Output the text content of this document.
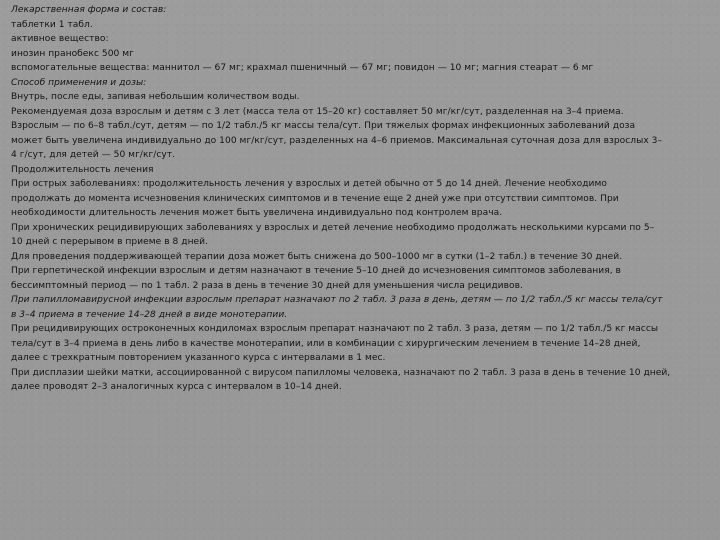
Лекарственная форма и состав:
таблетки 1 табл.
активное вещество:
инозин пранобекс 500 мг
вспомогательные вещества: маннитол — 67 мг; крахмал пшеничный — 67 мг; повидон — 10 мг; магния стеарат — 6 мг
Способ применения и дозы:
Внутрь, после еды, запивая небольшим количеством воды.
Рекомендуемая доза взрослым и детям с 3 лет (масса тела от 15–20 кг) составляет 50 мг/кг/сут, разделенная на 3–4 приема.
Взрослым — по 6–8 табл./сут, детям — по 1/2 табл./5 кг массы тела/сут. При тяжелых формах инфекционных заболеваний доза
может быть увеличена индивидуально до 100 мг/кг/сут, разделенных на 4–6 приемов. Максимальная суточная доза для взрослых 3–
4 г/сут, для детей — 50 мг/кг/сут.
Продолжительность лечения
При острых заболеваниях: продолжительность лечения у взрослых и детей обычно от 5 до 14 дней. Лечение необходимо
продолжать до момента исчезновения клинических симптомов и в течение еще 2 дней уже при отсутствии симптомов. При
необходимости длительность лечения может быть увеличена индивидуально под контролем врача.
При хронических рецидивирующих заболеваниях у взрослых и детей лечение необходимо продолжать несколькими курсами по 5–
10 дней с перерывом в приеме в 8 дней.
Для проведения поддерживающей терапии доза может быть снижена до 500–1000 мг в сутки (1–2 табл.) в течение 30 дней.
При герпетической инфекции взрослым и детям назначают в течение 5–10 дней до исчезновения симптомов заболевания, в
бессимптомный период — по 1 табл. 2 раза в день в течение 30 дней для уменьшения числа рецидивов.
При папилломавирусной инфекции взрослым препарат назначают по 2 табл. 3 раза в день, детям — по 1/2 табл./5 кг массы тела/сут
в 3–4 приема в течение 14–28 дней в виде монотерапии.
При рецидивирующих остроконечных кондиломах взрослым препарат назначают по 2 табл. 3 раза, детям — по 1/2 табл./5 кг массы
тела/сут в 3–4 приема в день либо в качестве монотерапии, или в комбинации с хирургическим лечением в течение 14–28 дней,
далее с трехкратным повторением указанного курса с интервалами в 1 мес.
При дисплазии шейки матки, ассоциированной с вирусом папилломы человека, назначают по 2 табл. 3 раза в день в течение 10 дней,
далее проводят 2–3 аналогичных курса с интервалом в 10–14 дней.
